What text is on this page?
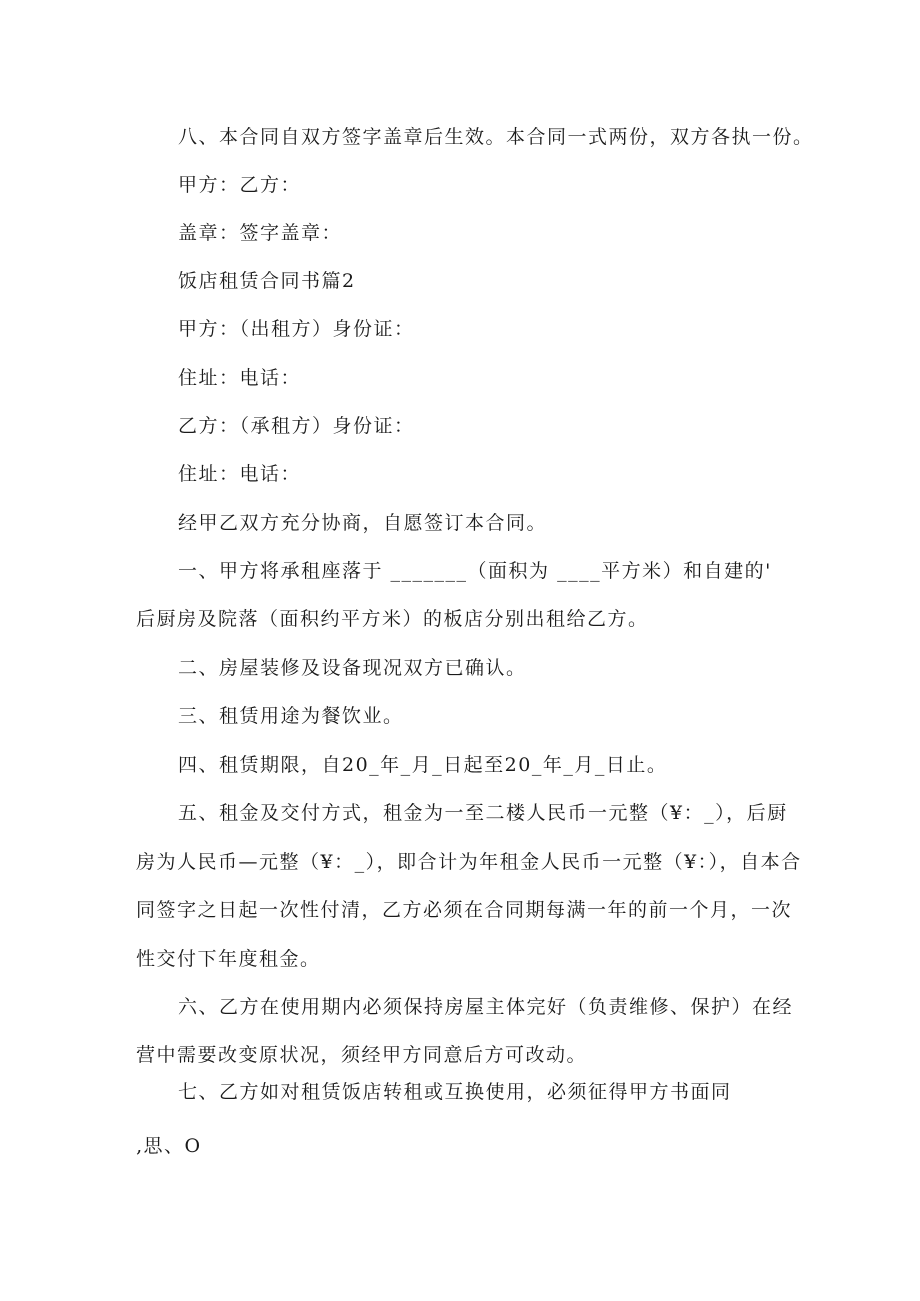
八、本合同自双方签字盖章后生效。本合同一式两份，双方各执一份。
甲方：乙方：
盖章：签字盖章：
饭店租赁合同书篇2
甲方：（出租方）身份证：
住址：电话：
乙方：（承租方）身份证：
住址：电话：
经甲乙双方充分协商，自愿签订本合同。
一、甲方将承租座落于 _______（面积为 ____平方米）和自建的'
后厨房及院落（面积约平方米）的板店分别出租给乙方。
二、房屋装修及设备现况双方已确认。
三、租赁用途为餐饮业。
四、租赁期限，自20_年_月_日起至20_年_月_日止。
五、租金及交付方式，租金为一至二楼人民币一元整（¥：_），后厨
房为人民币—元整（¥：_），即合计为年租金人民币一元整（¥：），自本合
同签字之日起一次性付清，乙方必须在合同期每满一年的前一个月，一次
性交付下年度租金。
六、乙方在使用期内必须保持房屋主体完好（负责维修、保护）在经
营中需要改变原状况，须经甲方同意后方可改动。
七、乙方如对租赁饭店转租或互换使用，必须征得甲方书面同
‚思、O
